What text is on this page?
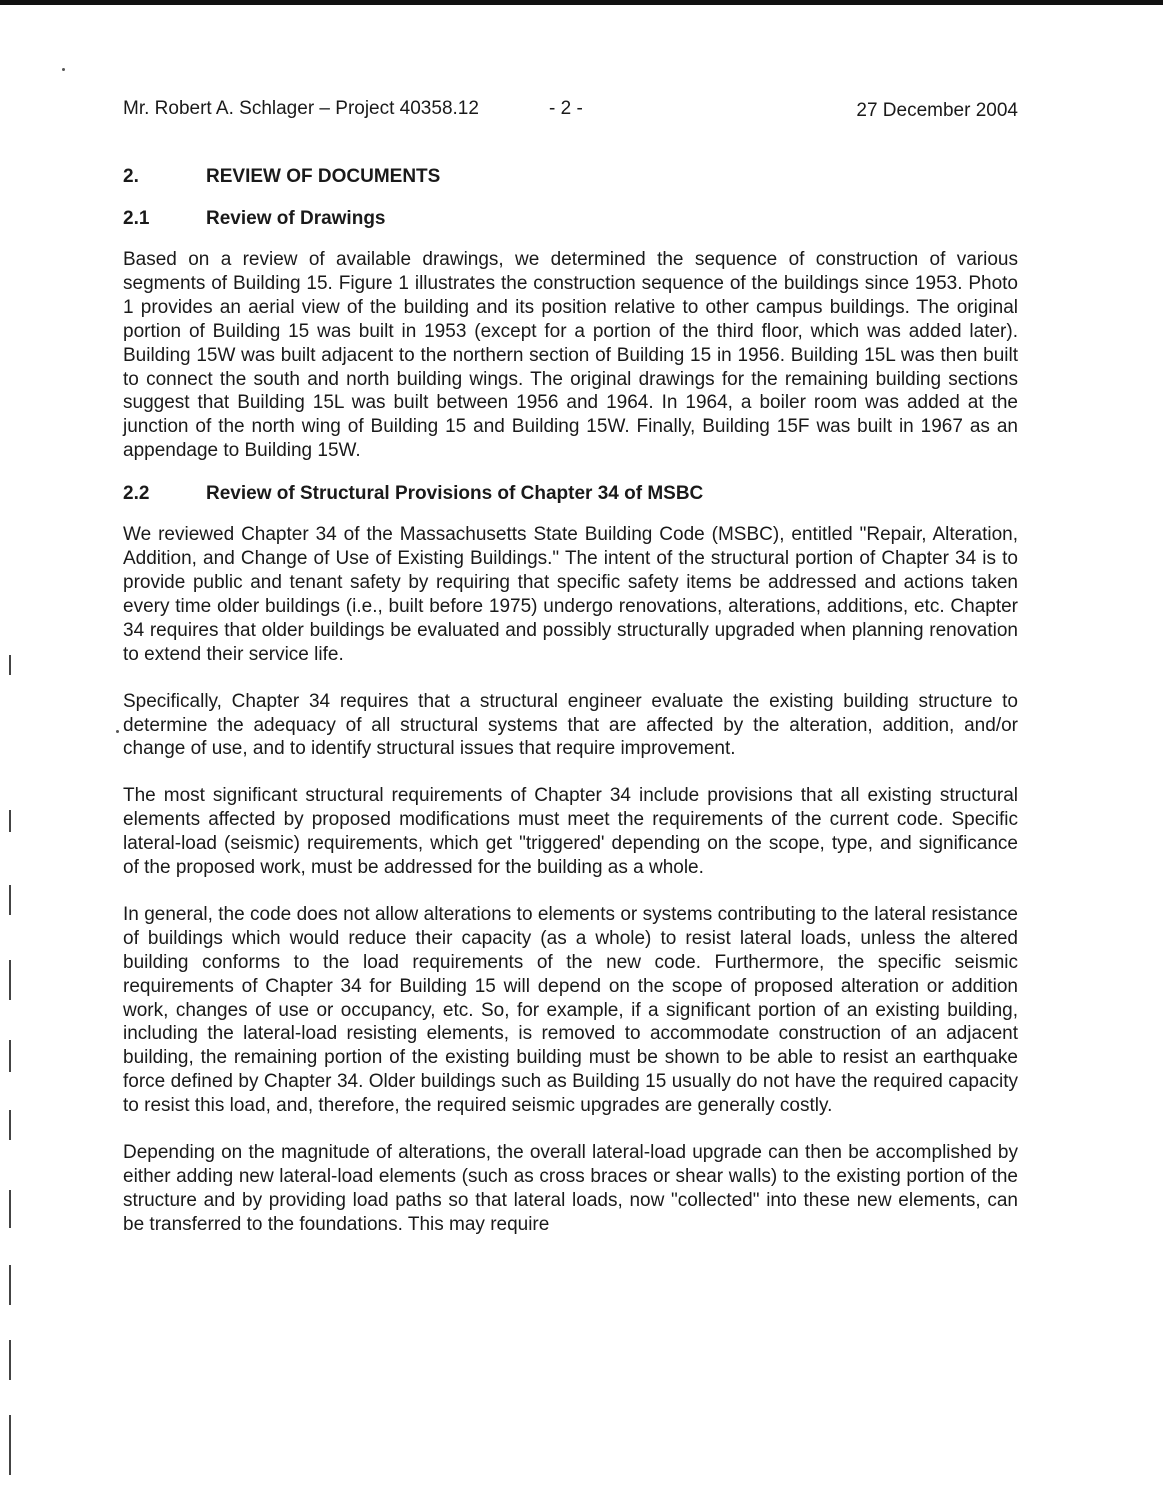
Mr. Robert A. Schlager – Project 40358.12	- 2 -	27 December 2004
2.	REVIEW OF DOCUMENTS
2.1	Review of Drawings

Based on a review of available drawings, we determined the sequence of construction of various segments of Building 15. Figure 1 illustrates the construction sequence of the buildings since 1953. Photo 1 provides an aerial view of the building and its position relative to other campus buildings. The original portion of Building 15 was built in 1953 (except for a portion of the third floor, which was added later). Building 15W was built adjacent to the northern section of Building 15 in 1956. Building 15L was then built to connect the south and north building wings. The original drawings for the remaining building sections suggest that Building 15L was built between 1956 and 1964. In 1964, a boiler room was added at the junction of the north wing of Building 15 and Building 15W. Finally, Building 15F was built in 1967 as an appendage to Building 15W.

2.2	Review of Structural Provisions of Chapter 34 of MSBC

We reviewed Chapter 34 of the Massachusetts State Building Code (MSBC), entitled "Repair, Alteration, Addition, and Change of Use of Existing Buildings." The intent of the structural portion of Chapter 34 is to provide public and tenant safety by requiring that specific safety items be addressed and actions taken every time older buildings (i.e., built before 1975) undergo renovations, alterations, additions, etc. Chapter 34 requires that older buildings be evaluated and possibly structurally upgraded when planning renovation to extend their service life.

Specifically, Chapter 34 requires that a structural engineer evaluate the existing building structure to determine the adequacy of all structural systems that are affected by the alteration, addition, and/or change of use, and to identify structural issues that require improvement.

The most significant structural requirements of Chapter 34 include provisions that all existing structural elements affected by proposed modifications must meet the requirements of the current code. Specific lateral-load (seismic) requirements, which get "triggered' depending on the scope, type, and significance of the proposed work, must be addressed for the building as a whole.

In general, the code does not allow alterations to elements or systems contributing to the lateral resistance of buildings which would reduce their capacity (as a whole) to resist lateral loads, unless the altered building conforms to the load requirements of the new code. Furthermore, the specific seismic requirements of Chapter 34 for Building 15 will depend on the scope of proposed alteration or addition work, changes of use or occupancy, etc. So, for example, if a significant portion of an existing building, including the lateral-load resisting elements, is removed to accommodate construction of an adjacent building, the remaining portion of the existing building must be shown to be able to resist an earthquake force defined by Chapter 34. Older buildings such as Building 15 usually do not have the required capacity to resist this load, and, therefore, the required seismic upgrades are generally costly.

Depending on the magnitude of alterations, the overall lateral-load upgrade can then be accomplished by either adding new lateral-load elements (such as cross braces or shear walls) to the existing portion of the structure and by providing load paths so that lateral loads, now "collected" into these new elements, can be transferred to the foundations. This may require
